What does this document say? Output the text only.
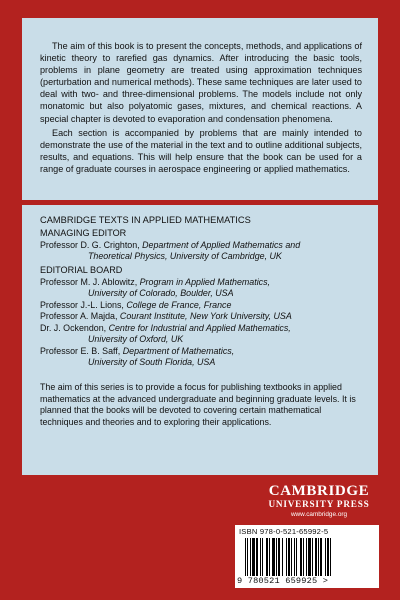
The aim of this book is to present the concepts, methods, and applications of kinetic theory to rarefied gas dynamics. After introducing the basic tools, problems in plane geometry are treated using approximation techniques (perturbation and numerical methods). These same techniques are later used to deal with two- and three-dimensional problems. The models include not only monatomic but also polyatomic gases, mixtures, and chemical reactions. A special chapter is devoted to evaporation and condensation phenomena.

Each section is accompanied by problems that are mainly intended to demonstrate the use of the material in the text and to outline additional subjects, results, and equations. This will help ensure that the book can be used for a range of graduate courses in aerospace engineering or applied mathematics.

CAMBRIDGE TEXTS IN APPLIED MATHEMATICS

MANAGING EDITOR

Professor D. G. Crighton, Department of Applied Mathematics and
Theoretical Physics, University of Cambridge, UK

EDITORIAL BOARD

Professor M. J. Ablowitz, Program in Applied Mathematics,
University of Colorado, Boulder, USA
Professor J.-L. Lions, College de France, France
Professor A. Majda, Courant Institute, New York University, USA
Dr. J. Ockendon, Centre for Industrial and Applied Mathematics,
University of Oxford, UK
Professor E. B. Saff, Department of Mathematics,
University of South Florida, USA

The aim of this series is to provide a focus for publishing textbooks in applied mathematics at the advanced undergraduate and beginning graduate levels. It is planned that the books will be devoted to covering certain mathematical techniques and theories and to exploring their applications.

CAMBRIDGE
UNIVERSITY PRESS
www.cambridge.org
ISBN 978-0-521-65992-5
9 780521 659925 >
